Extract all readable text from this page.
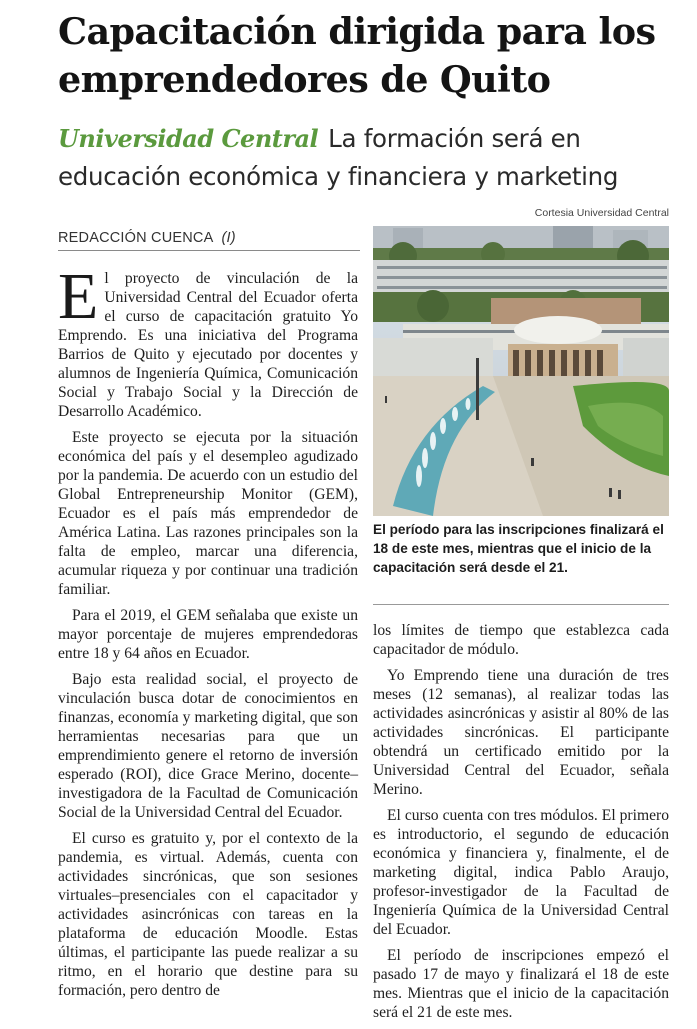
Capacitación dirigida para los emprendedores de Quito

Universidad Central La formación será en educación económica y financiera y marketing

Cortesia Universidad Central

REDACCIÓN CUENCA (I)

El proyecto de vinculación de la Universidad Central del Ecuador oferta el curso de capacitación gratuito Yo Emprendo. Es una iniciativa del Programa Barrios de Quito y ejecutado por docentes y alumnos de Ingeniería Química, Comunicación Social y Trabajo Social y la Dirección de Desarrollo Académico.

Este proyecto se ejecuta por la situación económica del país y el desempleo agudizado por la pandemia. De acuerdo con un estudio del Global Entrepreneurship Monitor (GEM), Ecuador es el país más emprendedor de América Latina. Las razones principales son la falta de empleo, marcar una diferencia, acumular riqueza y por continuar una tradición familiar.

Para el 2019, el GEM señalaba que existe un mayor porcentaje de mujeres emprendedoras entre 18 y 64 años en Ecuador.

Bajo esta realidad social, el proyecto de vinculación busca dotar de conocimientos en finanzas, economía y marketing digital, que son herramientas necesarias para que un emprendimiento genere el retorno de inversión esperado (ROI), dice Grace Merino, docente–investigadora de la Facultad de Comunicación Social de la Universidad Central del Ecuador.

El curso es gratuito y, por el contexto de la pandemia, es virtual. Además, cuenta con actividades sincrónicas, que son sesiones virtuales–presenciales con el capacitador y actividades asincrónicas con tareas en la plataforma de educación Moodle. Estas últimas, el participante las puede realizar a su ritmo, en el horario que destine para su formación, pero dentro de

El período para las inscripciones finalizará el 18 de este mes, mientras que el inicio de la capacitación será desde el 21.

los límites de tiempo que establezca cada capacitador de módulo.

Yo Emprendo tiene una duración de tres meses (12 semanas), al realizar todas las actividades asincrónicas y asistir al 80% de las actividades sincrónicas. El participante obtendrá un certificado emitido por la Universidad Central del Ecuador, señala Merino.

El curso cuenta con tres módulos. El primero es introductorio, el segundo de educación económica y financiera y, finalmente, el de marketing digital, indica Pablo Araujo, profesor-investigador de la Facultad de Ingeniería Química de la Universidad Central del Ecuador.

El período de inscripciones empezó el pasado 17 de mayo y finalizará el 18 de este mes. Mientras que el inicio de la capacitación será el 21 de este mes.
